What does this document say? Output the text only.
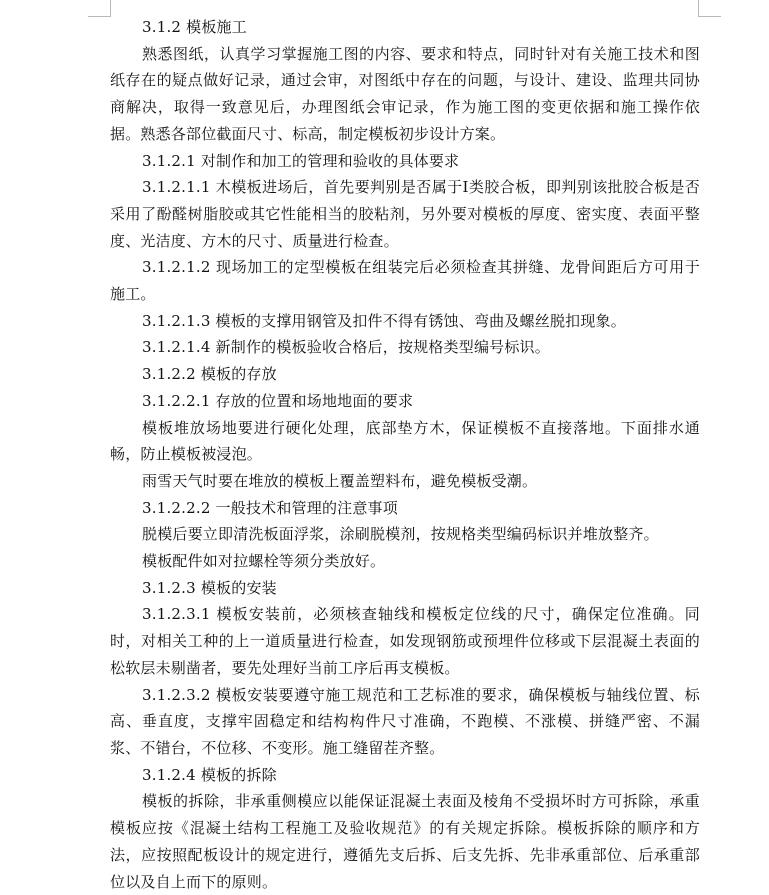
3.1.2 模板施工

熟悉图纸，认真学习掌握施工图的内容、要求和特点，同时针对有关施工技术和图纸存在的疑点做好记录，通过会审，对图纸中存在的问题，与设计、建设、监理共同协商解决，取得一致意见后，办理图纸会审记录，作为施工图的变更依据和施工操作依据。熟悉各部位截面尺寸、标高，制定模板初步设计方案。

3.1.2.1 对制作和加工的管理和验收的具体要求

3.1.2.1.1 木模板进场后，首先要判别是否属于Ⅰ类胶合板，即判别该批胶合板是否采用了酚醛树脂胶或其它性能相当的胶粘剂，另外要对模板的厚度、密实度、表面平整度、光洁度、方木的尺寸、质量进行检查。

3.1.2.1.2 现场加工的定型模板在组装完后必须检查其拼缝、龙骨间距后方可用于施工。

3.1.2.1.3 模板的支撑用钢管及扣件不得有锈蚀、弯曲及螺丝脱扣现象。

3.1.2.1.4 新制作的模板验收合格后，按规格类型编号标识。

3.1.2.2 模板的存放

3.1.2.2.1 存放的位置和场地地面的要求

模板堆放场地要进行硬化处理，底部垫方木，保证模板不直接落地。下面排水通畅，防止模板被浸泡。

雨雪天气时要在堆放的模板上覆盖塑料布，避免模板受潮。

3.1.2.2.2 一般技术和管理的注意事项

脱模后要立即清洗板面浮浆，涂刷脱模剂，按规格类型编码标识并堆放整齐。

模板配件如对拉螺栓等须分类放好。

3.1.2.3 模板的安装

3.1.2.3.1 模板安装前，必须核查轴线和模板定位线的尺寸，确保定位准确。同时，对相关工种的上一道质量进行检查，如发现钢筋或预埋件位移或下层混凝土表面的松软层未剔凿者，要先处理好当前工序后再支模板。

3.1.2.3.2 模板安装要遵守施工规范和工艺标准的要求，确保模板与轴线位置、标高、垂直度，支撑牢固稳定和结构构件尺寸准确，不跑模、不涨模、拼缝严密、不漏浆、不错台，不位移、不变形。施工缝留茬齐整。

3.1.2.4 模板的拆除

模板的拆除，非承重侧模应以能保证混凝土表面及棱角不受损坏时方可拆除，承重模板应按《混凝土结构工程施工及验收规范》的有关规定拆除。模板拆除的顺序和方法，应按照配板设计的规定进行，遵循先支后拆、后支先拆、先非承重部位、后承重部位以及自上而下的原则。
